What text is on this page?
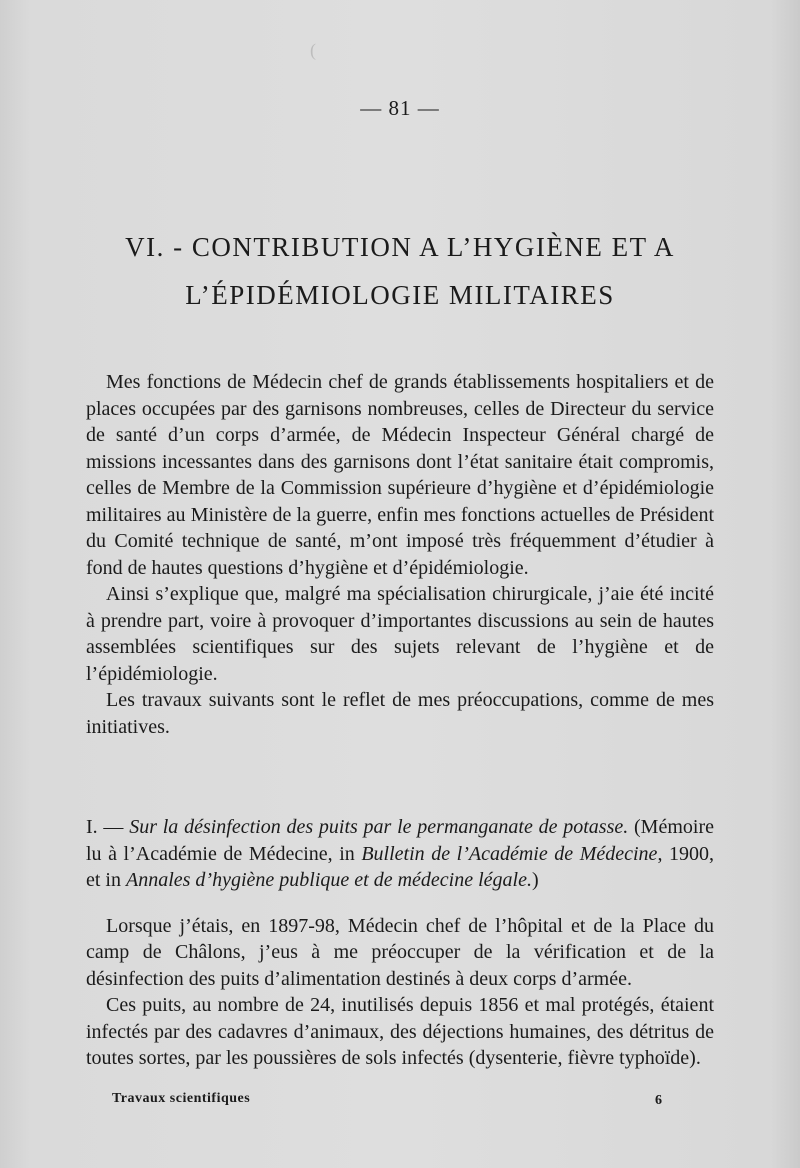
(
— 81 —
VI. - CONTRIBUTION A L’HYGIÈNE ET A
L’ÉPIDÉMIOLOGIE MILITAIRES

Mes fonctions de Médecin chef de grands établissements hospitaliers et de places occupées par des garnisons nombreuses, celles de Directeur du service de santé d’un corps d’armée, de Médecin Inspecteur Général chargé de missions incessantes dans des garnisons dont l’état sanitaire était compromis, celles de Membre de la Commission supérieure d’hygiène et d’épidémiologie militaires au Ministère de la guerre, enfin mes fonctions actuelles de Président du Comité technique de santé, m’ont imposé très fréquemment d’étudier à fond de hautes questions d’hygiène et d’épidémiologie.

Ainsi s’explique que, malgré ma spécialisation chirurgicale, j’aie été incité à prendre part, voire à provoquer d’importantes discussions au sein de hautes assemblées scientifiques sur des sujets relevant de l’hygiène et de l’épidémiologie.

Les travaux suivants sont le reflet de mes préoccupations, comme de mes initiatives.

I. — Sur la désinfection des puits par le permanganate de potasse. (Mémoire lu à l’Académie de Médecine, in Bulletin de l’Académie de Médecine, 1900, et in Annales d’hygiène publique et de médecine légale.)

Lorsque j’étais, en 1897-98, Médecin chef de l’hôpital et de la Place du camp de Châlons, j’eus à me préoccuper de la vérification et de la désinfection des puits d’alimentation destinés à deux corps d’armée.

Ces puits, au nombre de 24, inutilisés depuis 1856 et mal protégés, étaient infectés par des cadavres d’animaux, des déjections humaines, des détritus de toutes sortes, par les poussières de sols infectés (dysenterie, fièvre typhoïde).

Travaux scientifiques	6
